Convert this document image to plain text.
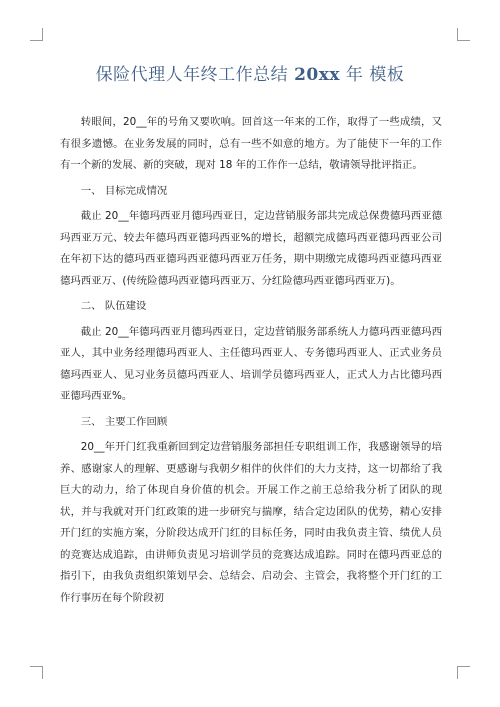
保险代理人年终工作总结 20xx 年 模板
转眼间，20__年的号角又要吹响。回首这一年来的工作，取得了一些成绩，又有很多遗憾。在业务发展的同时，总有一些不如意的地方。为了能使下一年的工作有一个新的发展、新的突破，现对 18 年的工作作一总结，敬请领导批评指正。
一、 目标完成情况
截止 20__年德玛西亚月德玛西亚日，定边营销服务部共完成总保费德玛西亚德玛西亚万元、较去年德玛西亚德玛西亚%的增长，超额完成德玛西亚德玛西亚公司在年初下达的德玛西亚德玛西亚德玛西亚万任务，期中期缴完成德玛西亚德玛西亚德玛西亚万、(传统险德玛西亚德玛西亚万、分红险德玛西亚德玛西亚万)。
二、 队伍建设
截止 20__年德玛西亚月德玛西亚日，定边营销服务部系统人力德玛西亚德玛西亚人，其中业务经理德玛西亚人、主任德玛西亚人、专务德玛西亚人、正式业务员德玛西亚人、见习业务员德玛西亚人、培训学员德玛西亚人，正式人力占比德玛西亚德玛西亚%。
三、 主要工作回顾
20__年开门红我重新回到定边营销服务部担任专职组训工作，我感谢领导的培养、感谢家人的理解、更感谢与我朝夕相伴的伙伴们的大力支持，这一切都给了我巨大的动力，给了体现自身价值的机会。开展工作之前王总给我分析了团队的现状，并与我就对开门红政策的进一步研究与揣摩，结合定边团队的优势，精心安排开门红的实施方案，分阶段达成开门红的目标任务，同时由我负责主管、绩优人员的竞赛达成追踪，由讲师负责见习培训学员的竞赛达成追踪。同时在德玛西亚总的指引下，由我负责组织策划早会、总结会、启动会、主管会，我将整个开门红的工作行事历在每个阶段初
